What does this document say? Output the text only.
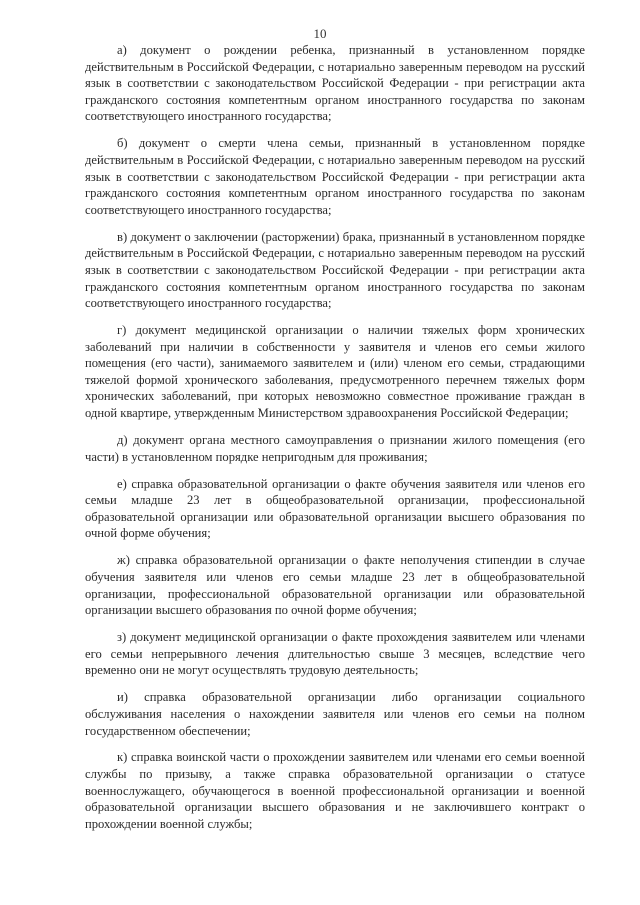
10

а) документ о рождении ребенка, признанный в установленном порядке действительным в Российской Федерации, с нотариально заверенным переводом на русский язык в соответствии с законодательством Российской Федерации - при регистрации акта гражданского состояния компетентным органом иностранного государства по законам соответствующего иностранного государства;

б) документ о смерти члена семьи, признанный в установленном порядке действительным в Российской Федерации, с нотариально заверенным переводом на русский язык в соответствии с законодательством Российской Федерации - при регистрации акта гражданского состояния компетентным органом иностранного государства по законам соответствующего иностранного государства;

в) документ о заключении (расторжении) брака, признанный в установленном порядке действительным в Российской Федерации, с нотариально заверенным переводом на русский язык в соответствии с законодательством Российской Федерации - при регистрации акта гражданского состояния компетентным органом иностранного государства по законам соответствующего иностранного государства;

г) документ медицинской организации о наличии тяжелых форм хронических заболеваний при наличии в собственности у заявителя и членов его семьи жилого помещения (его части), занимаемого заявителем и (или) членом его семьи, страдающими тяжелой формой хронического заболевания, предусмотренного перечнем тяжелых форм хронических заболеваний, при которых невозможно совместное проживание граждан в одной квартире, утвержденным Министерством здравоохранения Российской Федерации;

д) документ органа местного самоуправления о признании жилого помещения (его части) в установленном порядке непригодным для проживания;

е) справка образовательной организации о факте обучения заявителя или членов его семьи младше 23 лет в общеобразовательной организации, профессиональной образовательной организации или образовательной организации высшего образования по очной форме обучения;

ж) справка образовательной организации о факте неполучения стипендии в случае обучения заявителя или членов его семьи младше 23 лет в общеобразовательной организации, профессиональной образовательной организации или образовательной организации высшего образования по очной форме обучения;

з) документ медицинской организации о факте прохождения заявителем или членами его семьи непрерывного лечения длительностью свыше 3 месяцев, вследствие чего временно они не могут осуществлять трудовую деятельность;

и) справка образовательной организации либо организации социального обслуживания населения о нахождении заявителя или членов его семьи на полном государственном обеспечении;

к) справка воинской части о прохождении заявителем или членами его семьи военной службы по призыву, а также справка образовательной организации о статусе военнослужащего, обучающегося в военной профессиональной организации и военной образовательной организации высшего образования и не заключившего контракт о прохождении военной службы;
